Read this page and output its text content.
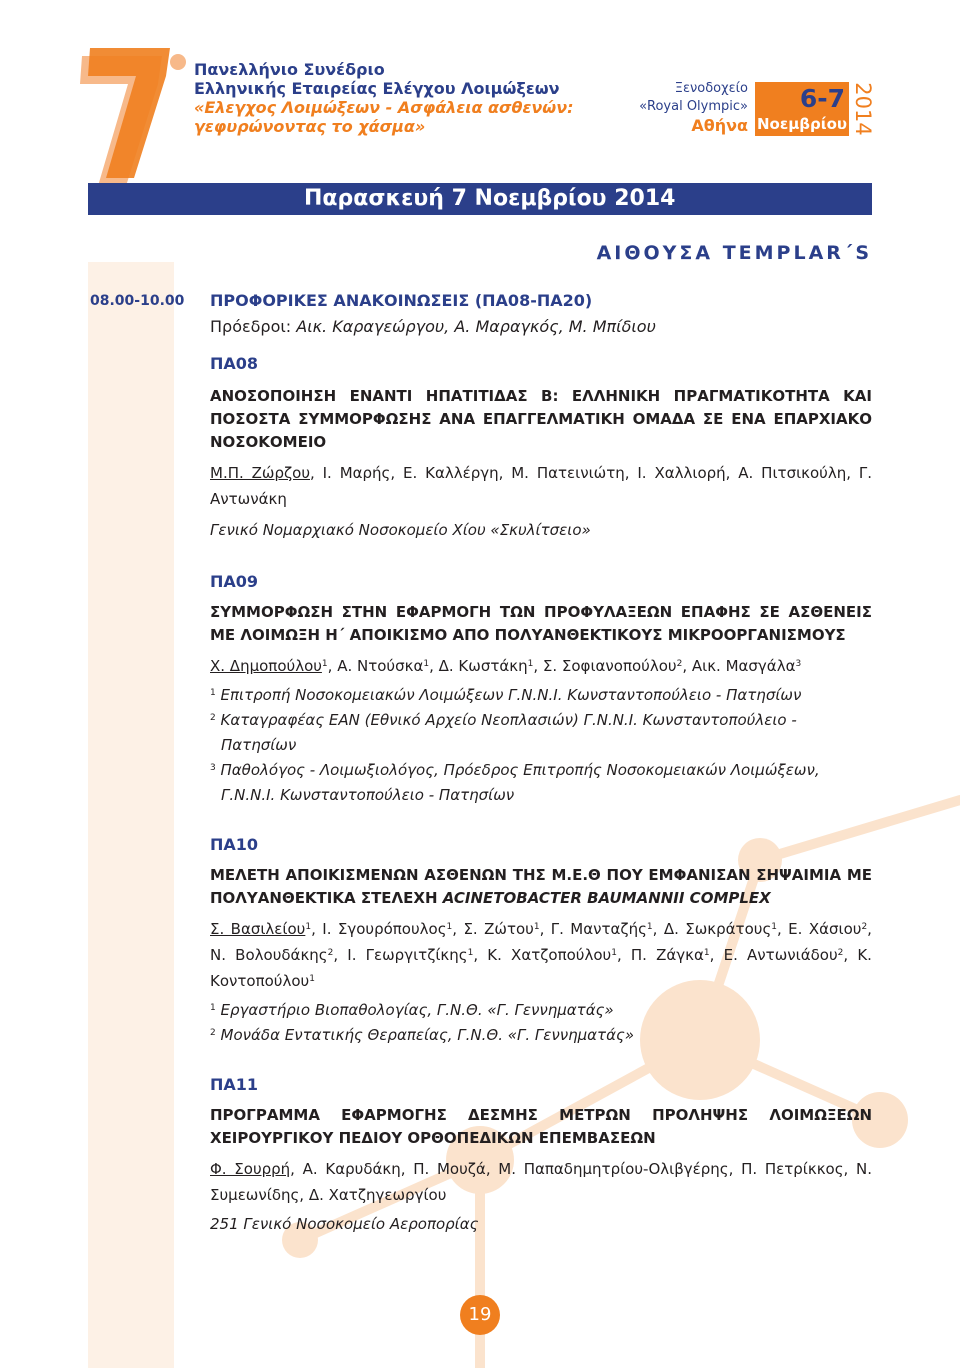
Πανελλήνιο Συνέδριο
Ελληνικής Εταιρείας Ελέγχου Λοιμώξεων
«Ελεγχος Λοιμώξεων - Ασφάλεια ασθενών:
γεφυρώνοντας το χάσμα»
Ξενοδοχείο
«Royal Olympic»
Αθήνα
6-7
Νοεμβρίου 2014
Παρασκευή 7 Νοεμβρίου 2014
ΑΙΘΟΥΣΑ TEMPLAR΄S
08.00-10.00 ΠΡΟΦΟΡΙΚΕΣ ΑΝΑΚΟΙΝΩΣΕΙΣ (ΠΑ08-ΠΑ20)
Πρόεδροι: Αικ. Καραγεώργου, Α. Μαραγκός, Μ. Μπίδιου
ΠΑ08
ΑΝΟΣΟΠΟΙΗΣΗ ΕΝΑΝΤΙ ΗΠΑΤΙΤΙΔΑΣ Β: ΕΛΛΗΝΙΚΗ ΠΡΑΓΜΑΤΙΚΟΤΗΤΑ ΚΑΙ ΠΟΣΟΣΤΑ ΣΥΜΜΟΡΦΩΣΗΣ ΑΝΑ ΕΠΑΓΓΕΛΜΑΤΙΚΗ ΟΜΑΔΑ ΣΕ ΕΝΑ ΕΠΑΡΧΙΑΚΟ ΝΟΣΟΚΟΜΕΙΟ
Μ.Π. Ζώρζου, Ι. Μαρής, Ε. Καλλέργη, Μ. Πατεινιώτη, Ι. Χαλλιορή, Α. Πιτσικούλη, Γ. Αντωνάκη
Γενικό Νομαρχιακό Νοσοκομείο Χίου «Σκυλίτσειο»
ΠΑ09
ΣΥΜΜΟΡΦΩΣΗ ΣΤΗΝ ΕΦΑΡΜΟΓΗ ΤΩΝ ΠΡΟΦΥΛΑΞΕΩΝ ΕΠΑΦΗΣ ΣΕ ΑΣΘΕΝΕΙΣ ΜΕ ΛΟΙΜΩΞΗ Η΄ ΑΠΟΙΚΙΣΜΟ ΑΠΟ ΠΟΛΥΑΝΘΕΚΤΙΚΟΥΣ ΜΙΚΡΟΟΡΓΑΝΙΣΜΟΥΣ
Χ. Δημοπούλου$^1$, Α. Ντούσκα$^1$, Δ. Κωστάκη$^1$, Σ. Σοφιανοπούλου$^2$, Αικ. Μασγάλα$^3$
$^1$ Επιτροπή Νοσοκομειακών Λοιμώξεων Γ.Ν.Ν.Ι. Κωνσταντοπούλειο - Πατησίων
$^2$ Καταγραφέας ΕΑΝ (Εθνικό Αρχείο Νεοπλασιών) Γ.Ν.Ν.Ι. Κωνσταντοπούλειο - Πατησίων
$^3$ Παθολόγος - Λοιμωξιολόγος, Πρόεδρος Επιτροπής Νοσοκομειακών Λοιμώξεων, Γ.Ν.Ν.Ι. Κωνσταντοπούλειο - Πατησίων
ΠΑ10
ΜΕΛΕΤΗ ΑΠΟΙΚΙΣΜΕΝΩΝ ΑΣΘΕΝΩΝ ΤΗΣ Μ.Ε.Θ ΠΟΥ ΕΜΦΑΝΙΣΑΝ ΣΗΨΑΙΜΙΑ ΜΕ ΠΟΛΥΑΝΘΕΚΤΙΚΑ ΣΤΕΛΕΧΗ ACINETOBACTER BAUMANNII COMPLEX
Σ. Βασιλείου$^1$, Ι. Σγουρόπουλος$^1$, Σ. Ζώτου$^1$, Γ. Μανταζής$^1$, Δ. Σωκράτους$^1$, Ε. Χάσιου$^2$, Ν. Βολουδάκης$^2$, Ι. Γεωργιτζίκης$^1$, Κ. Χατζοπούλου$^1$, Π. Ζάγκα$^1$, Ε. Αντωνιάδου$^2$, Κ. Κοντοπούλου$^1$
$^1$ Εργαστήριο Βιοπαθολογίας, Γ.Ν.Θ. «Γ. Γεννηματάς»
$^2$ Μονάδα Εντατικής Θεραπείας, Γ.Ν.Θ. «Γ. Γεννηματάς»
ΠΑ11
ΠΡΟΓΡΑΜΜΑ ΕΦΑΡΜΟΓΗΣ ΔΕΣΜΗΣ ΜΕΤΡΩΝ ΠΡΟΛΗΨΗΣ ΛΟΙΜΩΞΕΩΝ ΧΕΙΡΟΥΡΓΙΚΟΥ ΠΕΔΙΟΥ ΟΡΘΟΠΕΔΙΚΩΝ ΕΠΕΜΒΑΣΕΩΝ
Φ. Σουρρή, Α. Καρυδάκη, Π. Μουζά, Μ. Παπαδημητρίου-Ολιβγέρης, Π. Πετρίκκος, Ν. Συμεωνίδης, Δ. Χατζηγεωργίου
251 Γενικό Νοσοκομείο Αεροπορίας
19
